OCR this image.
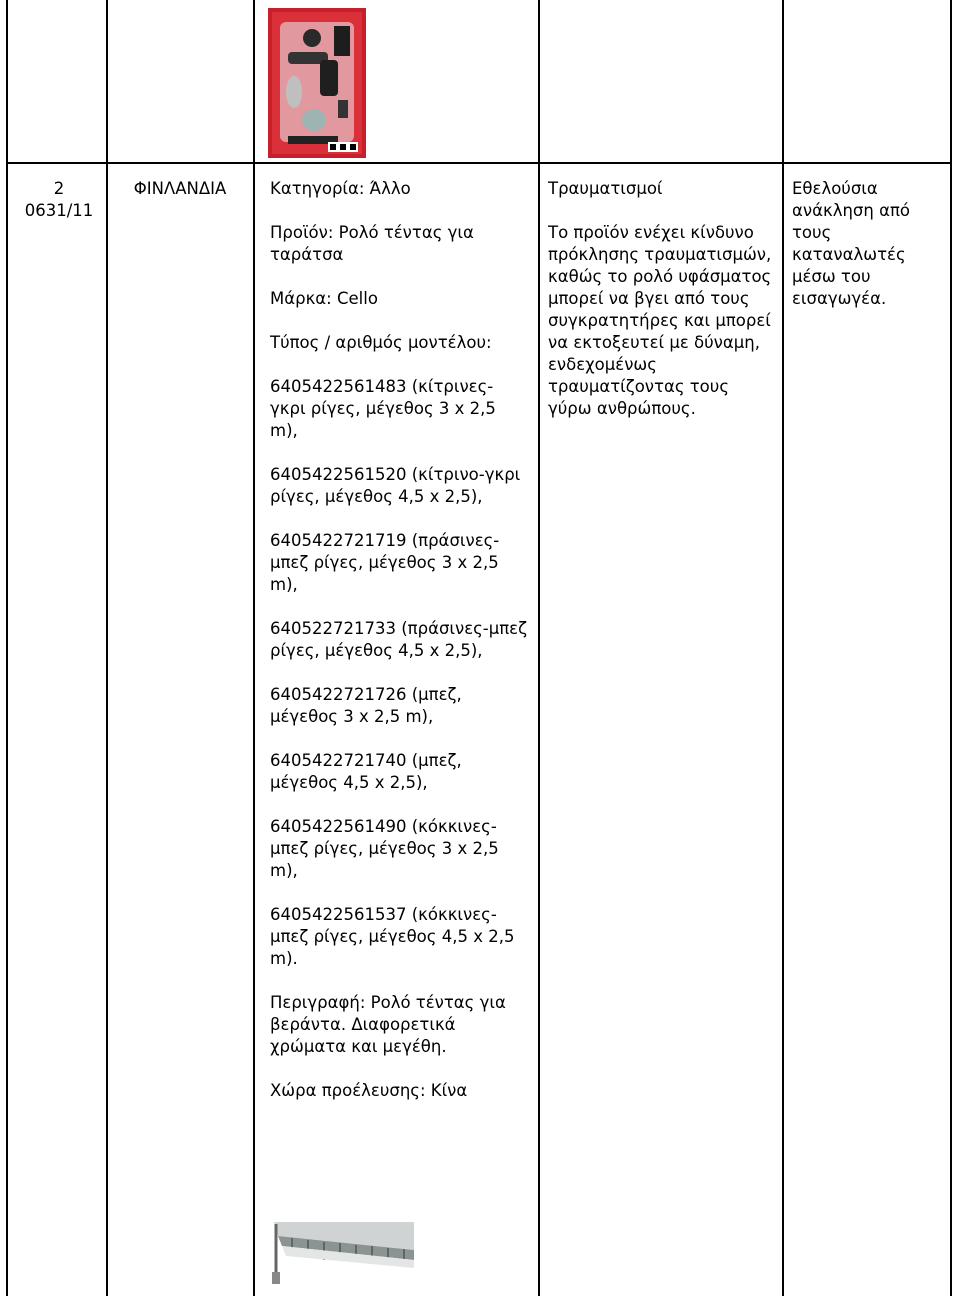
2
0631/11
ΦΙΝΛΑΝΔΙΑ	Κατηγορία: Άλλο

Προϊόν: Ρολό τέντας για ταράτσα

Μάρκα: Cello

Τύπος / αριθμός μοντέλου:

6405422561483 (κίτρινες-γκρι ρίγες, μέγεθος 3 x 2,5 m),

6405422561520 (κίτρινο-γκρι ρίγες, μέγεθος 4,5 x 2,5),

6405422721719 (πράσινες-μπεζ ρίγες, μέγεθος 3 x 2,5 m),

640522721733 (πράσινες-μπεζ ρίγες, μέγεθος 4,5 x 2,5),

6405422721726 (μπεζ, μέγεθος 3 x 2,5 m),

6405422721740 (μπεζ, μέγεθος 4,5 x 2,5),

6405422561490 (κόκκινες-μπεζ ρίγες, μέγεθος 3 x 2,5 m),

6405422561537 (κόκκινες-μπεζ ρίγες, μέγεθος 4,5 x 2,5 m).

Περιγραφή: Ρολό τέντας για βεράντα. Διαφορετικά χρώματα και μεγέθη.

Χώρα προέλευσης: Κίνα

Τραυματισμοί

Το προϊόν ενέχει κίνδυνο πρόκλησης τραυματισμών, καθώς το ρολό υφάσματος μπορεί να βγει από τους συγκρατητήρες και μπορεί να εκτοξευτεί με δύναμη, ενδεχομένως τραυματίζοντας τους γύρω ανθρώπους.

Εθελούσια ανάκληση από τους καταναλωτές μέσω του εισαγωγέα.
